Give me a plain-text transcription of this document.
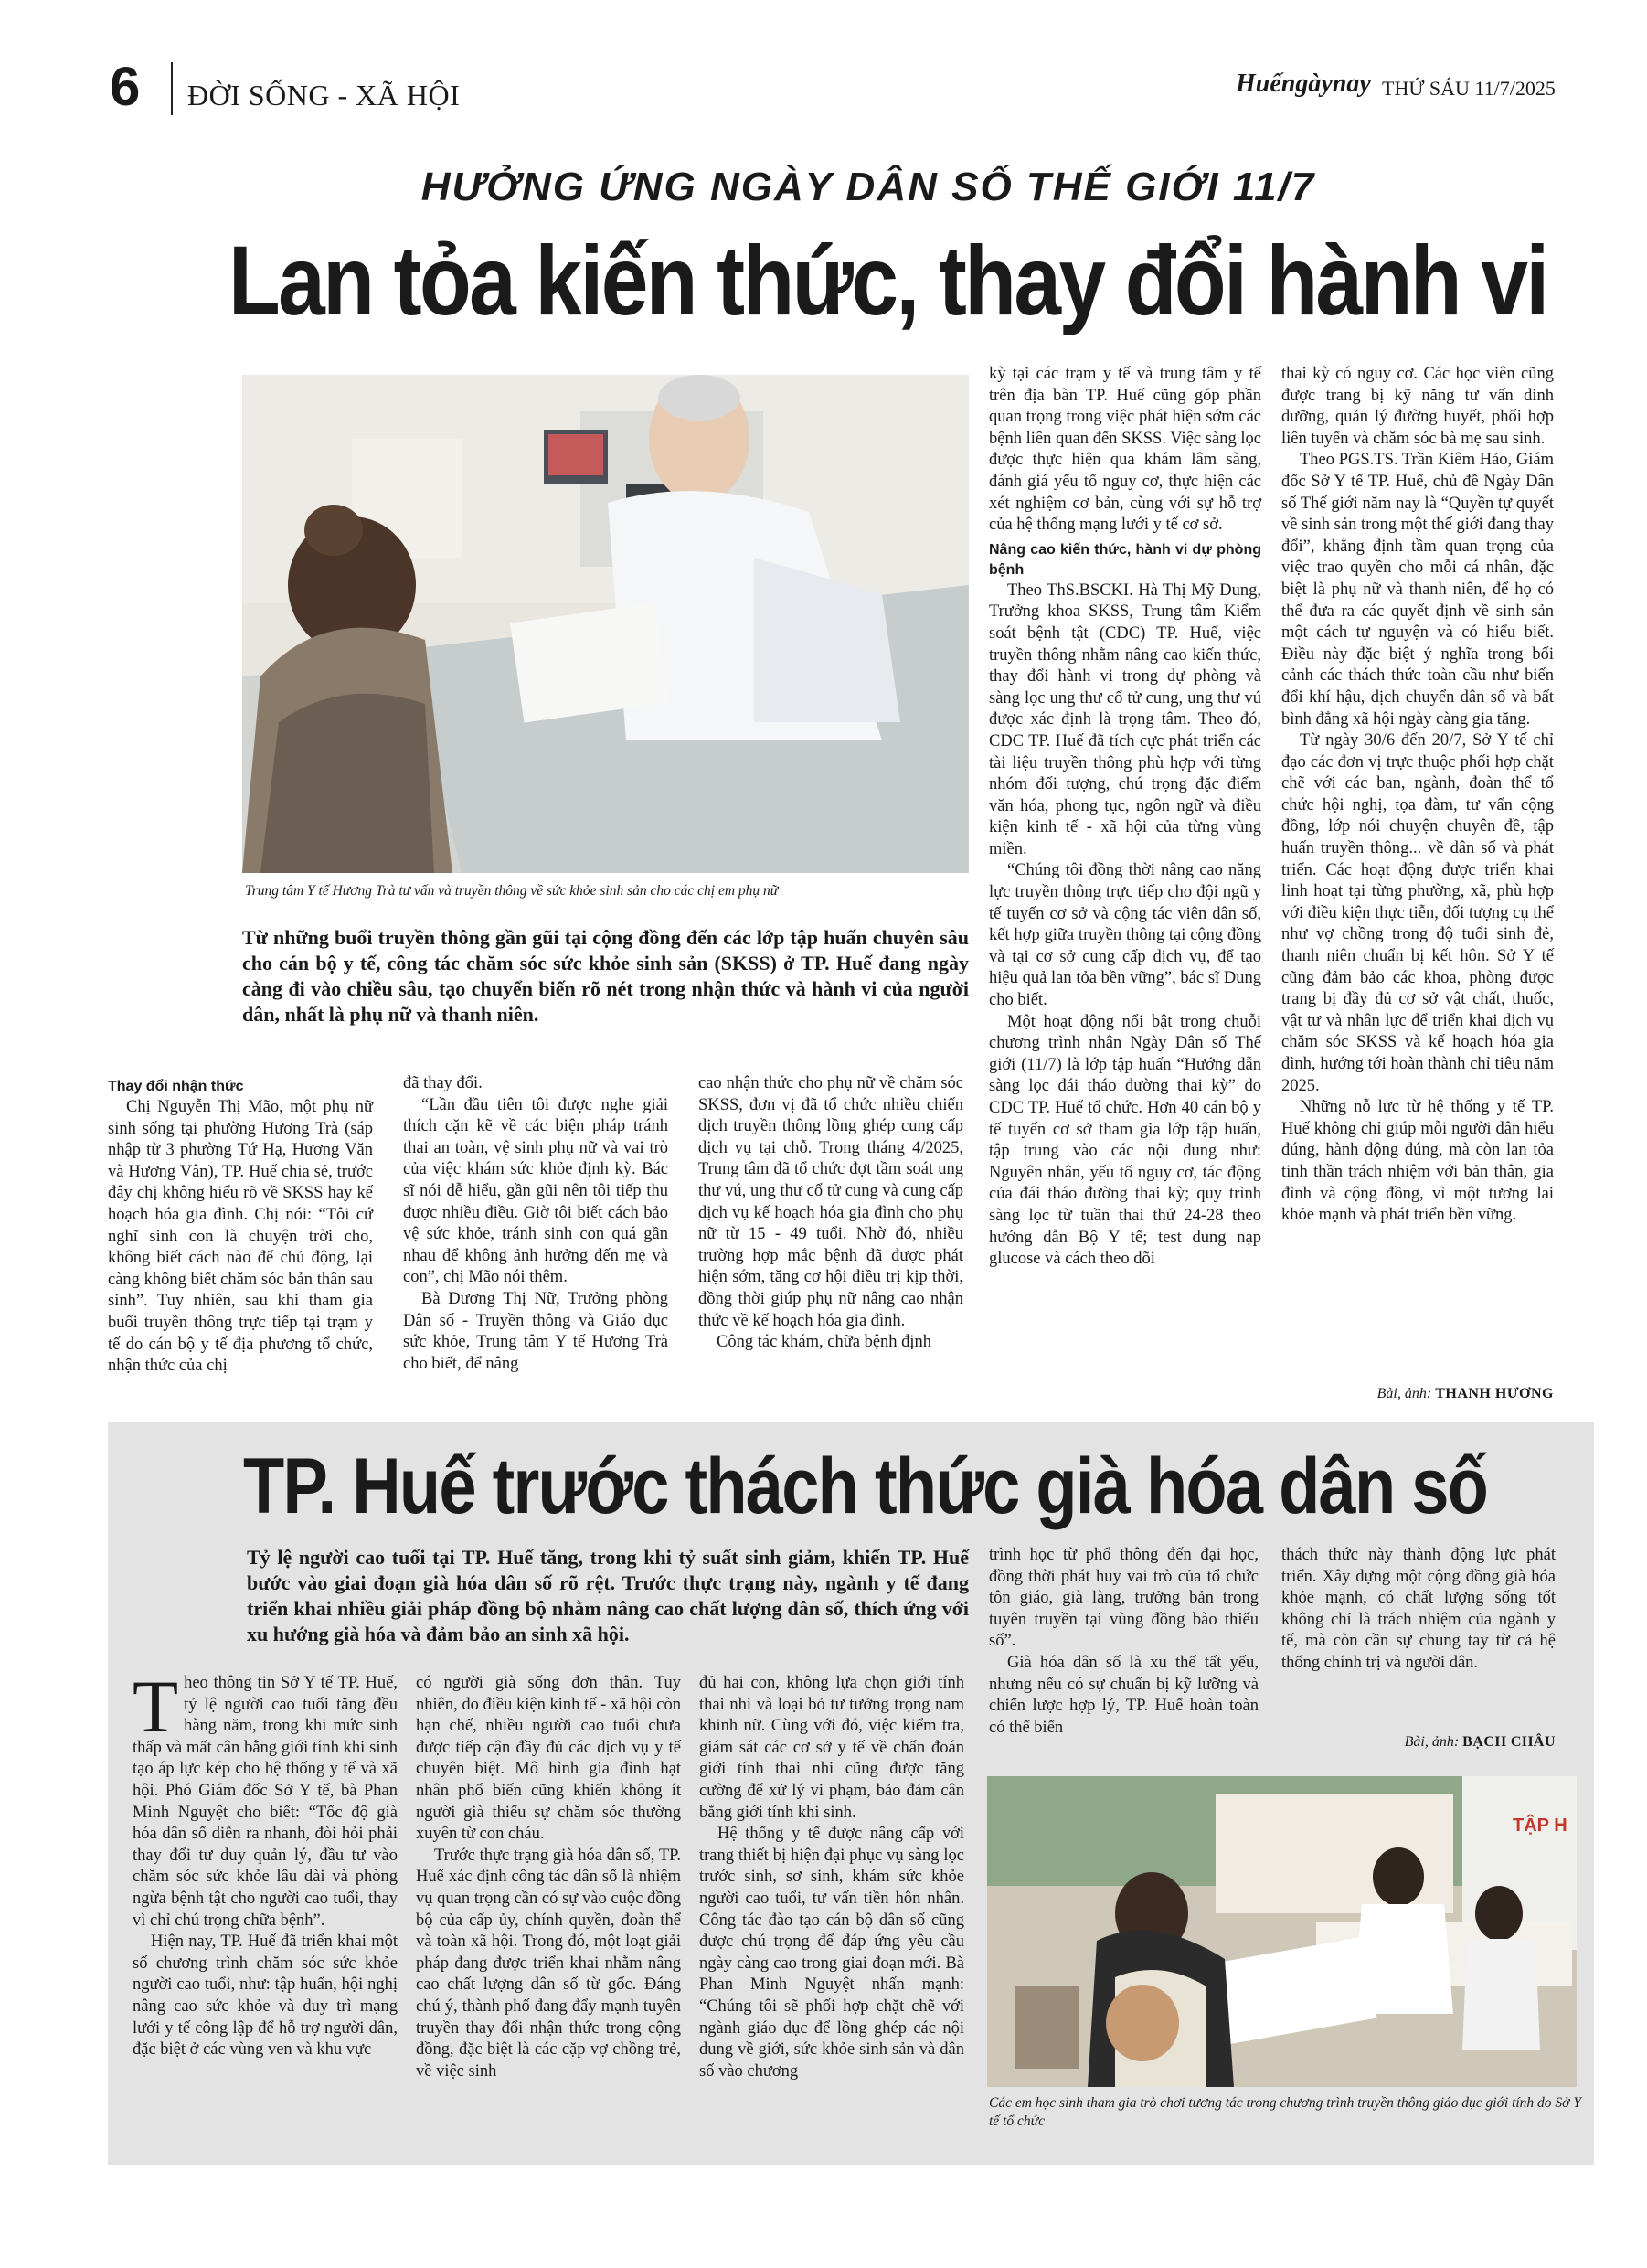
6 ĐỜI SỐNG - XÃ HỘI	Huếngàynay THỨ SÁU 11/7/2025
HƯỞNG ỨNG NGÀY DÂN SỐ THẾ GIỚI 11/7
Lan tỏa kiến thức, thay đổi hành vi
Trung tâm Y tế Hương Trà tư vấn và truyền thông về sức khỏe sinh sản cho các chị em phụ nữ
Từ những buổi truyền thông gần gũi tại cộng đồng đến các lớp tập huấn chuyên sâu cho cán bộ y tế, công tác chăm sóc sức khỏe sinh sản (SKSS) ở TP. Huế đang ngày càng đi vào chiều sâu, tạo chuyển biến rõ nét trong nhận thức và hành vi của người dân, nhất là phụ nữ và thanh niên.

Thay đổi nhận thức

Chị Nguyễn Thị Mão, một phụ nữ sinh sống tại phường Hương Trà (sáp nhập từ 3 phường Tứ Hạ, Hương Văn và Hương Vân), TP. Huế chia sẻ, trước đây chị không hiểu rõ về SKSS hay kế hoạch hóa gia đình. Chị nói: “Tôi cứ nghĩ sinh con là chuyện trời cho, không biết cách nào để chủ động, lại càng không biết chăm sóc bản thân sau sinh”. Tuy nhiên, sau khi tham gia buổi truyền thông trực tiếp tại trạm y tế do cán bộ y tế địa phương tổ chức, nhận thức của chị

đã thay đổi.

“Lần đầu tiên tôi được nghe giải thích cặn kẽ về các biện pháp tránh thai an toàn, vệ sinh phụ nữ và vai trò của việc khám sức khỏe định kỳ. Bác sĩ nói dễ hiểu, gần gũi nên tôi tiếp thu được nhiều điều. Giờ tôi biết cách bảo vệ sức khỏe, tránh sinh con quá gần nhau để không ảnh hưởng đến mẹ và con”, chị Mão nói thêm.

Bà Dương Thị Nữ, Trưởng phòng Dân số - Truyền thông và Giáo dục sức khỏe, Trung tâm Y tế Hương Trà cho biết, để nâng

cao nhận thức cho phụ nữ về chăm sóc SKSS, đơn vị đã tổ chức nhiều chiến dịch truyền thông lồng ghép cung cấp dịch vụ tại chỗ. Trong tháng 4/2025, Trung tâm đã tổ chức đợt tầm soát ung thư vú, ung thư cổ tử cung và cung cấp dịch vụ kế hoạch hóa gia đình cho phụ nữ từ 15 - 49 tuổi. Nhờ đó, nhiều trường hợp mắc bệnh đã được phát hiện sớm, tăng cơ hội điều trị kịp thời, đồng thời giúp phụ nữ nâng cao nhận thức về kế hoạch hóa gia đình.

Công tác khám, chữa bệnh định

kỳ tại các trạm y tế và trung tâm y tế trên địa bàn TP. Huế cũng góp phần quan trọng trong việc phát hiện sớm các bệnh liên quan đến SKSS. Việc sàng lọc được thực hiện qua khám lâm sàng, đánh giá yếu tố nguy cơ, thực hiện các xét nghiệm cơ bản, cùng với sự hỗ trợ của hệ thống mạng lưới y tế cơ sở.

Nâng cao kiến thức, hành vi dự phòng bệnh

Theo ThS.BSCKI. Hà Thị Mỹ Dung, Trưởng khoa SKSS, Trung tâm Kiểm soát bệnh tật (CDC) TP. Huế, việc truyền thông nhằm nâng cao kiến thức, thay đổi hành vi trong dự phòng và sàng lọc ung thư cổ tử cung, ung thư vú được xác định là trọng tâm. Theo đó, CDC TP. Huế đã tích cực phát triển các tài liệu truyền thông phù hợp với từng nhóm đối tượng, chú trọng đặc điểm văn hóa, phong tục, ngôn ngữ và điều kiện kinh tế - xã hội của từng vùng miền.

“Chúng tôi đồng thời nâng cao năng lực truyền thông trực tiếp cho đội ngũ y tế tuyến cơ sở và cộng tác viên dân số, kết hợp giữa truyền thông tại cộng đồng và tại cơ sở cung cấp dịch vụ, để tạo hiệu quả lan tỏa bền vững”, bác sĩ Dung cho biết.

Một hoạt động nổi bật trong chuỗi chương trình nhân Ngày Dân số Thế giới (11/7) là lớp tập huấn “Hướng dẫn sàng lọc đái tháo đường thai kỳ” do CDC TP. Huế tổ chức. Hơn 40 cán bộ y tế tuyến cơ sở tham gia lớp tập huấn, tập trung vào các nội dung như: Nguyên nhân, yếu tố nguy cơ, tác động của đái tháo đường thai kỳ; quy trình sàng lọc từ tuần thai thứ 24-28 theo hướng dẫn Bộ Y tế; test dung nạp glucose và cách theo dõi

thai kỳ có nguy cơ. Các học viên cũng được trang bị kỹ năng tư vấn dinh dưỡng, quản lý đường huyết, phối hợp liên tuyến và chăm sóc bà mẹ sau sinh.

Theo PGS.TS. Trần Kiêm Hảo, Giám đốc Sở Y tế TP. Huế, chủ đề Ngày Dân số Thế giới năm nay là “Quyền tự quyết về sinh sản trong một thế giới đang thay đổi”, khẳng định tầm quan trọng của việc trao quyền cho mỗi cá nhân, đặc biệt là phụ nữ và thanh niên, để họ có thể đưa ra các quyết định về sinh sản một cách tự nguyện và có hiểu biết. Điều này đặc biệt ý nghĩa trong bối cảnh các thách thức toàn cầu như biến đổi khí hậu, dịch chuyển dân số và bất bình đẳng xã hội ngày càng gia tăng.

Từ ngày 30/6 đến 20/7, Sở Y tế chỉ đạo các đơn vị trực thuộc phối hợp chặt chẽ với các ban, ngành, đoàn thể tổ chức hội nghị, tọa đàm, tư vấn cộng đồng, lớp nói chuyện chuyên đề, tập huấn truyền thông... về dân số và phát triển. Các hoạt động được triển khai linh hoạt tại từng phường, xã, phù hợp với điều kiện thực tiễn, đối tượng cụ thể như vợ chồng trong độ tuổi sinh đẻ, thanh niên chuẩn bị kết hôn. Sở Y tế cũng đảm bảo các khoa, phòng được trang bị đầy đủ cơ sở vật chất, thuốc, vật tư và nhân lực để triển khai dịch vụ chăm sóc SKSS và kế hoạch hóa gia đình, hướng tới hoàn thành chỉ tiêu năm 2025.

Những nỗ lực từ hệ thống y tế TP. Huế không chỉ giúp mỗi người dân hiểu đúng, hành động đúng, mà còn lan tỏa tinh thần trách nhiệm với bản thân, gia đình và cộng đồng, vì một tương lai khỏe mạnh và phát triển bền vững.

Bài, ảnh: THANH HƯƠNG
TP. Huế trước thách thức già hóa dân số
Tỷ lệ người cao tuổi tại TP. Huế tăng, trong khi tỷ suất sinh giảm, khiến TP. Huế bước vào giai đoạn già hóa dân số rõ rệt. Trước thực trạng này, ngành y tế đang triển khai nhiều giải pháp đồng bộ nhằm nâng cao chất lượng dân số, thích ứng với xu hướng già hóa và đảm bảo an sinh xã hội.

T heo thông tin Sở Y tế TP. Huế, tỷ lệ người cao tuổi tăng đều hàng năm, trong khi mức sinh thấp và mất cân bằng giới tính khi sinh tạo áp lực kép cho hệ thống y tế và xã hội. Phó Giám đốc Sở Y tế, bà Phan Minh Nguyệt cho biết: “Tốc độ già hóa dân số diễn ra nhanh, đòi hỏi phải thay đổi tư duy quản lý, đầu tư vào chăm sóc sức khỏe lâu dài và phòng ngừa bệnh tật cho người cao tuổi, thay vì chỉ chú trọng chữa bệnh”.

Hiện nay, TP. Huế đã triển khai một số chương trình chăm sóc sức khỏe người cao tuổi, như: tập huấn, hội nghị nâng cao sức khỏe và duy trì mạng lưới y tế công lập để hỗ trợ người dân, đặc biệt ở các vùng ven và khu vực

có người già sống đơn thân. Tuy nhiên, do điều kiện kinh tế - xã hội còn hạn chế, nhiều người cao tuổi chưa được tiếp cận đầy đủ các dịch vụ y tế chuyên biệt. Mô hình gia đình hạt nhân phổ biến cũng khiến không ít người già thiếu sự chăm sóc thường xuyên từ con cháu.

Trước thực trạng già hóa dân số, TP. Huế xác định công tác dân số là nhiệm vụ quan trọng cần có sự vào cuộc đồng bộ của cấp ủy, chính quyền, đoàn thể và toàn xã hội. Trong đó, một loạt giải pháp đang được triển khai nhằm nâng cao chất lượng dân số từ gốc. Đáng chú ý, thành phố đang đẩy mạnh tuyên truyền thay đổi nhận thức trong cộng đồng, đặc biệt là các cặp vợ chồng trẻ, về việc sinh

đủ hai con, không lựa chọn giới tính thai nhi và loại bỏ tư tưởng trọng nam khinh nữ. Cùng với đó, việc kiểm tra, giám sát các cơ sở y tế về chẩn đoán giới tính thai nhi cũng được tăng cường để xử lý vi phạm, bảo đảm cân bằng giới tính khi sinh.

Hệ thống y tế được nâng cấp với trang thiết bị hiện đại phục vụ sàng lọc trước sinh, sơ sinh, khám sức khỏe người cao tuổi, tư vấn tiền hôn nhân. Công tác đào tạo cán bộ dân số cũng được chú trọng để đáp ứng yêu cầu ngày càng cao trong giai đoạn mới. Bà Phan Minh Nguyệt nhấn mạnh: “Chúng tôi sẽ phối hợp chặt chẽ với ngành giáo dục để lồng ghép các nội dung về giới, sức khỏe sinh sản và dân số vào chương

trình học từ phổ thông đến đại học, đồng thời phát huy vai trò của tổ chức tôn giáo, già làng, trưởng bản trong tuyên truyền tại vùng đồng bào thiểu số”.

Già hóa dân số là xu thế tất yếu, nhưng nếu có sự chuẩn bị kỹ lưỡng và chiến lược hợp lý, TP. Huế hoàn toàn có thể biến

thách thức này thành động lực phát triển. Xây dựng một cộng đồng già hóa khỏe mạnh, có chất lượng sống tốt không chỉ là trách nhiệm của ngành y tế, mà còn cần sự chung tay từ cả hệ thống chính trị và người dân.

Bài, ảnh: BẠCH CHÂU
TẬP H
Các em học sinh tham gia trò chơi tương tác trong chương trình truyền thông giáo dục giới tính do Sở Y tế tổ chức
